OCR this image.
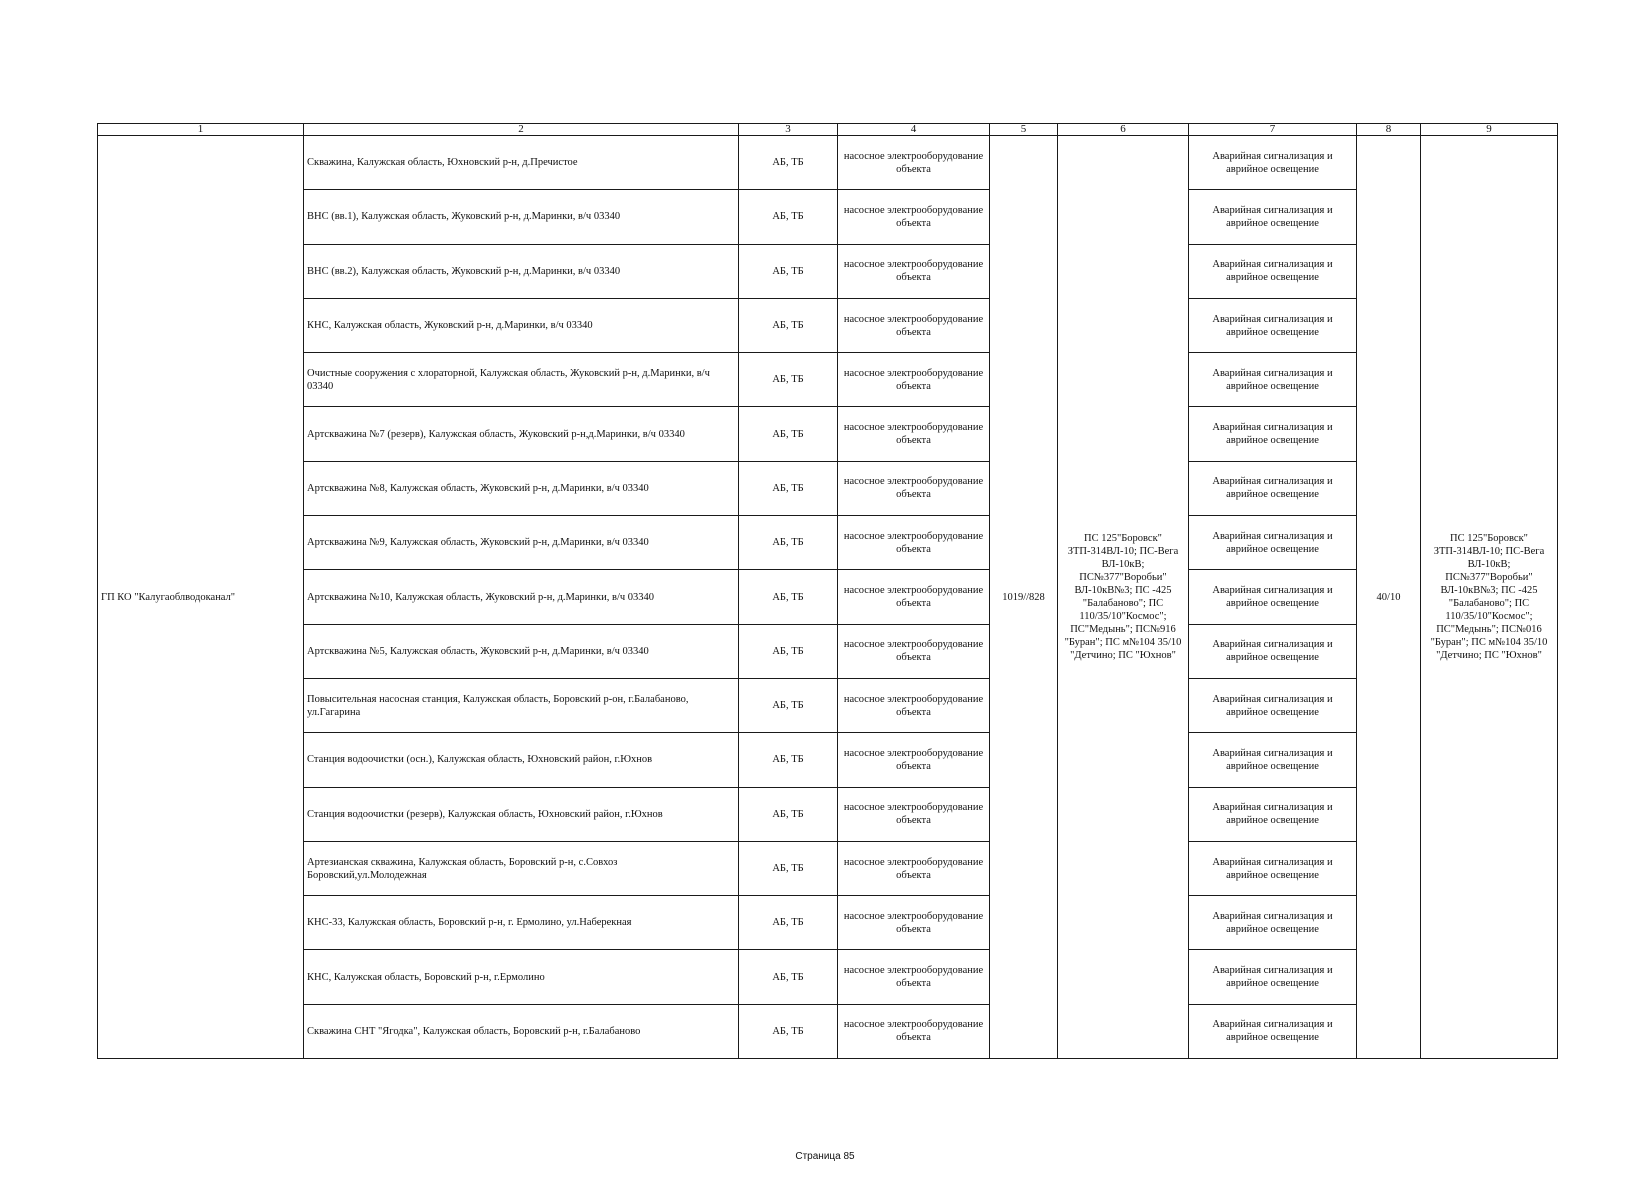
1	2	3	4	5	6	7	8	9
ГП КО "Калугаоблводоканал"	Скважина, Калужская область, Юхновский р-н, д.Пречистое	АБ, ТБ	насосное электрооборудование объекта	1019//828	ПС 125"Боровск" ЗТП-314ВЛ-10; ПС-Вега ВЛ-10кВ; ПС№377"Воробьи" ВЛ-10кВ№3; ПС -425 "Балабаново"; ПС 110/35/10"Космос"; ПС"Медынь"; ПС№916 "Буран"; ПС м№104 35/10 "Детчино; ПС "Юхнов"	Аварийная сигнализация и аврийное освещение	40/10	ПС 125"Боровск" ЗТП-314ВЛ-10; ПС-Вега ВЛ-10кВ; ПС№377"Воробьи" ВЛ-10кВ№3; ПС -425 "Балабаново"; ПС 110/35/10"Космос"; ПС"Медынь"; ПС№016 "Буран"; ПС м№104 35/10 "Детчино; ПС "Юхнов"
	ВНС (вв.1), Калужская область, Жуковский р-н, д.Маринки, в/ч 03340	АБ, ТБ	насосное электрооборудование объекта			Аварийная сигнализация и аврийное освещение		
	ВНС (вв.2), Калужская область, Жуковский р-н, д.Маринки, в/ч 03340	АБ, ТБ	насосное электрооборудование объекта			Аварийная сигнализация и аврийное освещение		
	КНС, Калужская область, Жуковский р-н, д.Маринки, в/ч 03340	АБ, ТБ	насосное электрооборудование объекта			Аварийная сигнализация и аврийное освещение		
	Очистные сооружения с хлораторной, Калужская область, Жуковский р-н, д.Маринки, в/ч 03340	АБ, ТБ	насосное электрооборудование объекта			Аварийная сигнализация и аврийное освещение		
	Артскважина №7 (резерв), Калужская область, Жуковский р-н,д.Маринки, в/ч 03340	АБ, ТБ	насосное электрооборудование объекта			Аварийная сигнализация и аврийное освещение		
	Артскважина №8, Калужская область, Жуковский р-н, д.Маринки, в/ч 03340	АБ, ТБ	насосное электрооборудование объекта			Аварийная сигнализация и аврийное освещение		
	Артскважина №9, Калужская область, Жуковский р-н, д.Маринки, в/ч 03340	АБ, ТБ	насосное электрооборудование объекта			Аварийная сигнализация и аврийное освещение		
	Артскважина №10, Калужская область, Жуковский р-н, д.Маринки, в/ч 03340	АБ, ТБ	насосное электрооборудование объекта			Аварийная сигнализация и аврийное освещение		
	Артскважина №5, Калужская область, Жуковский р-н, д.Маринки, в/ч 03340	АБ, ТБ	насосное электрооборудование объекта			Аварийная сигнализация и аврийное освещение		
	Повысительная насосная станция, Калужская область, Боровский р-он, г.Балабаново, ул.Гагарина	АБ, ТБ	насосное электрооборудование объекта			Аварийная сигнализация и аврийное освещение		
	Станция водоочистки (осн.), Калужская область, Юхновский район, г.Юхнов	АБ, ТБ	насосное электрооборудование объекта			Аварийная сигнализация и аврийное освещение		
	Станция водоочистки (резерв), Калужская область, Юхновский район, г.Юхнов	АБ, ТБ	насосное электрооборудование объекта			Аварийная сигнализация и аврийное освещение		
	Артезианская скважина, Калужская область, Боровский р-н, с.Совхоз Боровский,ул.Молодежная	АБ, ТБ	насосное электрооборудование объекта			Аварийная сигнализация и аврийное освещение		
	КНС-33, Калужская область, Боровский р-н, г. Ермолино, ул.Наберекная	АБ, ТБ	насосное электрооборудование объекта			Аварийная сигнализация и аврийное освещение		
	КНС, Калужская область, Боровский р-н, г.Ермолино	АБ, ТБ	насосное электрооборудование объекта			Аварийная сигнализация и аврийное освещение		
	Скважина СНТ "Ягодка", Калужская область, Боровский р-н, г.Балабаново	АБ, ТБ	насосное электрооборудование объекта			Аварийная сигнализация и аврийное освещение		
Страница 85
